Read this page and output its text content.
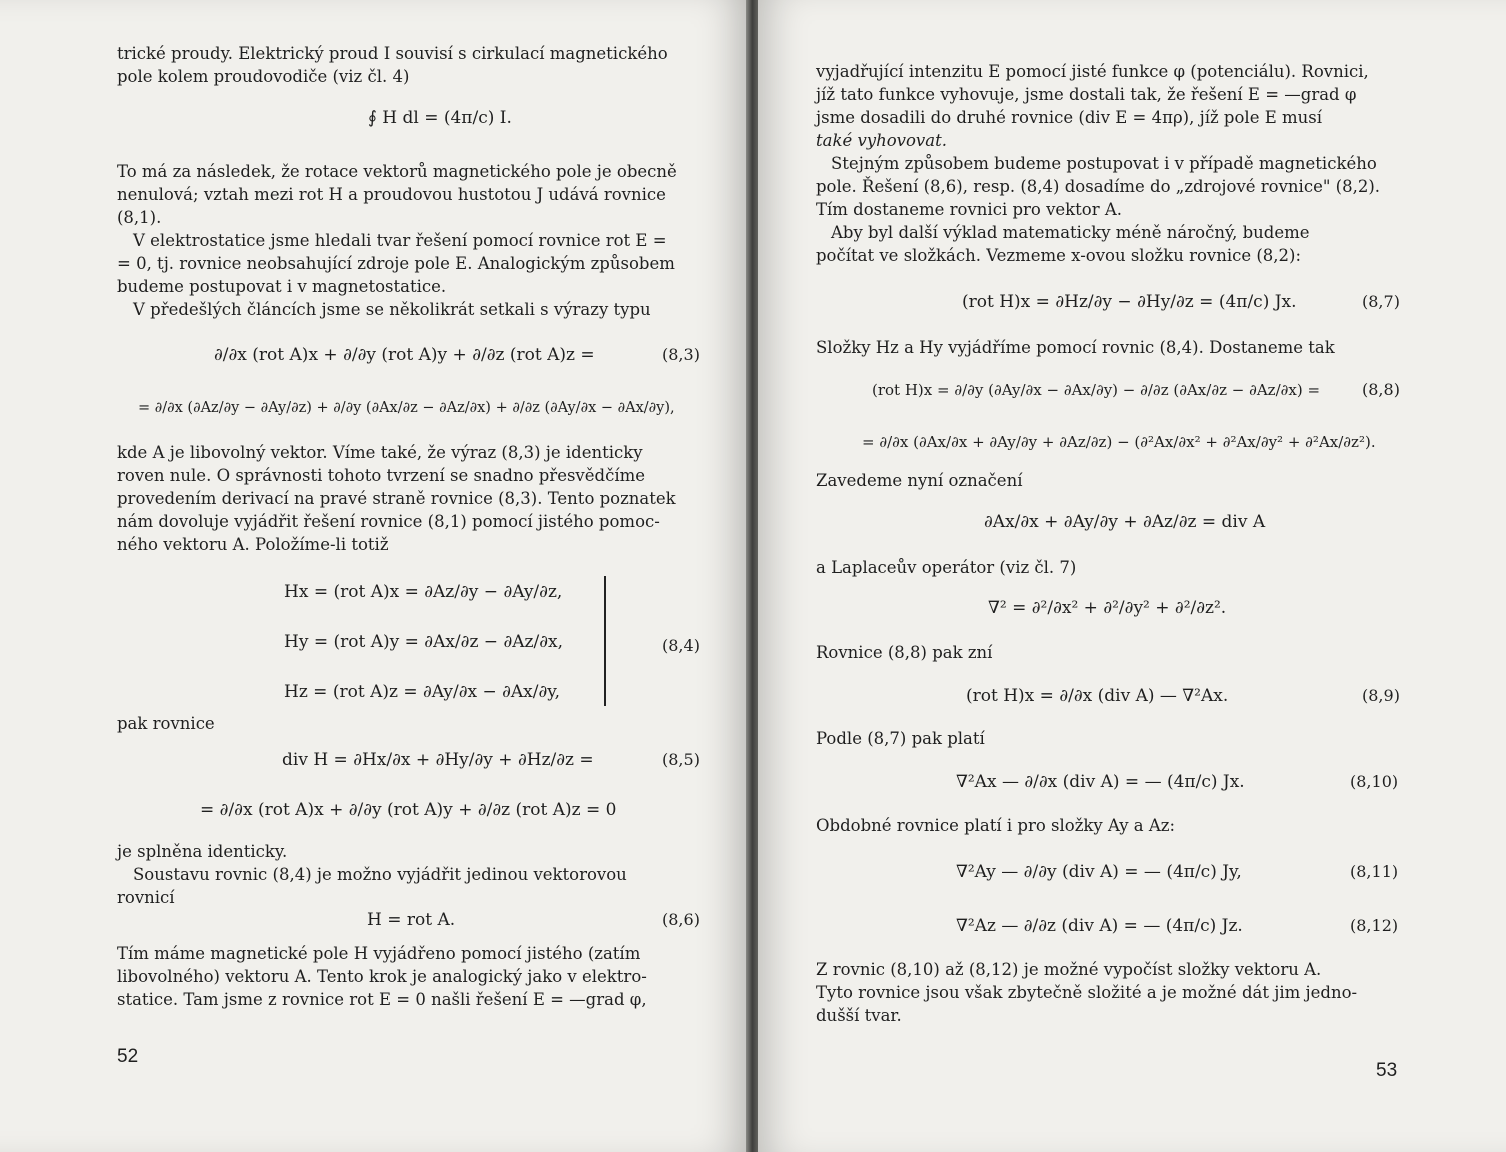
trické proudy. Elektrický proud I souvisí s cirkulací magnetického
pole kolem proudovodiče (viz čl. 4)
∮ H dl = (4π/c) I.
To má za následek, že rotace vektorů magnetického pole je obecně
nenulová; vztah mezi rot H a proudovou hustotou J udává rovnice
(8,1).
V elektrostatice jsme hledali tvar řešení pomocí rovnice rot E =
= 0, tj. rovnice neobsahující zdroje pole E. Analogickým způsobem
budeme postupovat i v magnetostatice.
V předešlých článcích jsme se několikrát setkali s výrazy typu
∂/∂x (rot A)x + ∂/∂y (rot A)y + ∂/∂z (rot A)z =	(8,3)
= ∂/∂x (∂Az/∂y − ∂Ay/∂z) + ∂/∂y (∂Ax/∂z − ∂Az/∂x) + ∂/∂z (∂Ay/∂x − ∂Ax/∂y),
kde A je libovolný vektor. Víme také, že výraz (8,3) je identicky
roven nule. O správnosti tohoto tvrzení se snadno přesvědčíme
provedením derivací na pravé straně rovnice (8,3). Tento poznatek
nám dovoluje vyjádřit řešení rovnice (8,1) pomocí jistého pomoc-
ného vektoru A. Položíme-li totiž
Hx = (rot A)x = ∂Az/∂y − ∂Ay/∂z,
Hy = (rot A)y = ∂Ax/∂z − ∂Az/∂x,
Hz = (rot A)z = ∂Ay/∂x − ∂Ax/∂y,
(8,4)
pak rovnice
div H = ∂Hx/∂x + ∂Hy/∂y + ∂Hz/∂z =	(8,5)
= ∂/∂x (rot A)x + ∂/∂y (rot A)y + ∂/∂z (rot A)z = 0
je splněna identicky.
Soustavu rovnic (8,4) je možno vyjádřit jedinou vektorovou
rovnicí
H = rot A.	(8,6)
Tím máme magnetické pole H vyjádřeno pomocí jistého (zatím
libovolného) vektoru A. Tento krok je analogický jako v elektro-
statice. Tam jsme z rovnice rot E = 0 našli řešení E = —grad φ,
52
vyjadřující intenzitu E pomocí jisté funkce φ (potenciálu). Rovnici,
jíž tato funkce vyhovuje, jsme dostali tak, že řešení E = —grad φ
jsme dosadili do druhé rovnice (div E = 4πρ), jíž pole E musí
také vyhovovat.
Stejným způsobem budeme postupovat i v případě magnetického
pole. Řešení (8,6), resp. (8,4) dosadíme do „zdrojové rovnice" (8,2).
Tím dostaneme rovnici pro vektor A.
Aby byl další výklad matematicky méně náročný, budeme
počítat ve složkách. Vezmeme x-ovou složku rovnice (8,2):
(rot H)x = ∂Hz/∂y − ∂Hy/∂z = (4π/c) Jx.	(8,7)
Složky Hz a Hy vyjádříme pomocí rovnic (8,4). Dostaneme tak
(rot H)x = ∂/∂y (∂Ay/∂x − ∂Ax/∂y) − ∂/∂z (∂Ax/∂z − ∂Az/∂x) =	(8,8)
= ∂/∂x (∂Ax/∂x + ∂Ay/∂y + ∂Az/∂z) − (∂²Ax/∂x² + ∂²Ax/∂y² + ∂²Ax/∂z²).
Zavedeme nyní označení
∂Ax/∂x + ∂Ay/∂y + ∂Az/∂z = div A
a Laplaceův operátor (viz čl. 7)
∇² = ∂²/∂x² + ∂²/∂y² + ∂²/∂z².
Rovnice (8,8) pak zní
(rot H)x = ∂/∂x (div A) — ∇²Ax.	(8,9)
Podle (8,7) pak platí
∇²Ax — ∂/∂x (div A) = — (4π/c) Jx.	(8,10)
Obdobné rovnice platí i pro složky Ay a Az:
∇²Ay — ∂/∂y (div A) = — (4π/c) Jy,	(8,11)
∇²Az — ∂/∂z (div A) = — (4π/c) Jz.	(8,12)
Z rovnic (8,10) až (8,12) je možné vypočíst složky vektoru A.
Tyto rovnice jsou však zbytečně složité a je možné dát jim jedno-
dušší tvar.
53
